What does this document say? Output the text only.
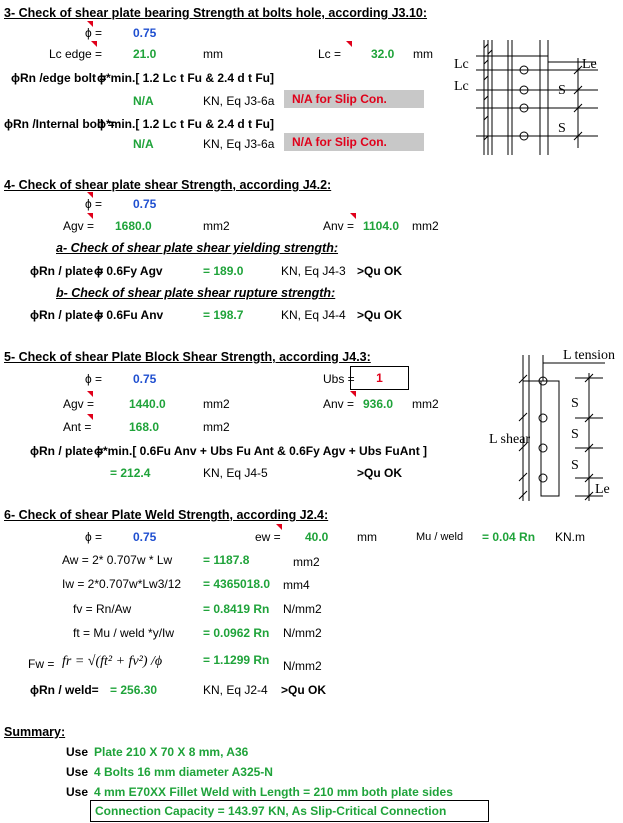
3- Check of shear plate bearing Strength at bolts hole, according J3.10:
ϕ =	0.75
Lc edge =	21.0	mm	Lc = 32.0 mm
ϕRn /edge bolt =
ϕ*min.[ 1.2 Lc t Fu & 2.4 d t Fu]
N/A	KN, Eq J3-6a	N/A for Slip Con.
ϕRn /Internal bolt =
ϕ*min.[ 1.2 Lc t Fu & 2.4 d t Fu]
N/A	KN, Eq J3-6a	N/A for Slip Con.
Lc
Lc
Le
S
S
4- Check of shear plate shear Strength, according J4.2:
ϕ =	0.75
Agv = 1680.0	mm2	Anv = 1104.0 mm2
a- Check of shear plate shear yielding strength:
ϕRn / plate =
ϕ 0.6Fy Agv	= 189.0	KN, Eq J4-3 >Qu OK
b- Check of shear plate shear rupture strength:
ϕRn / plate =
ϕ 0.6Fu Anv	= 198.7	KN, Eq J4-4 >Qu OK
5- Check of shear Plate Block Shear Strength, according J4.3:
ϕ =	0.75	Ubs =	1
Agv =	1440.0	mm2	Anv = 936.0 mm2
Ant =	168.0	mm2
ϕRn / plate =
ϕ*min.[ 0.6Fu Anv + Ubs Fu Ant & 0.6Fy Agv + Ubs FuAnt ]
= 212.4	KN, Eq J4-5	>Qu OK
L tension
L shear
Le
S
S
S
6- Check of shear Plate Weld Strength, according J2.4:
ϕ =	0.75	ew = 40.0 mm	Mu / weld = 0.04 Rn KN.m
Aw = 2* 0.707w * Lw	= 1187.8	mm2
Iw = 2*0.707w*Lw3/12 = 4365018.0 mm4
fv = Rn/Aw	= 0.8419 Rn N/mm2
ft = Mu / weld *y/Iw = 0.0962 Rn N/mm2
Fw = fr = √(ft² + fv²) /ϕ	= 1.1299 Rn N/mm2
ϕRn / weld= = 256.30	KN, Eq J2-4 >Qu OK
Summary:
Use Plate 210 X 70 X 8 mm, A36
Use 4 Bolts 16 mm diameter A325-N
Use 4 mm E70XX Fillet Weld with Length = 210 mm both plate sides
Connection Capacity = 143.97 KN, As Slip-Critical Connection
